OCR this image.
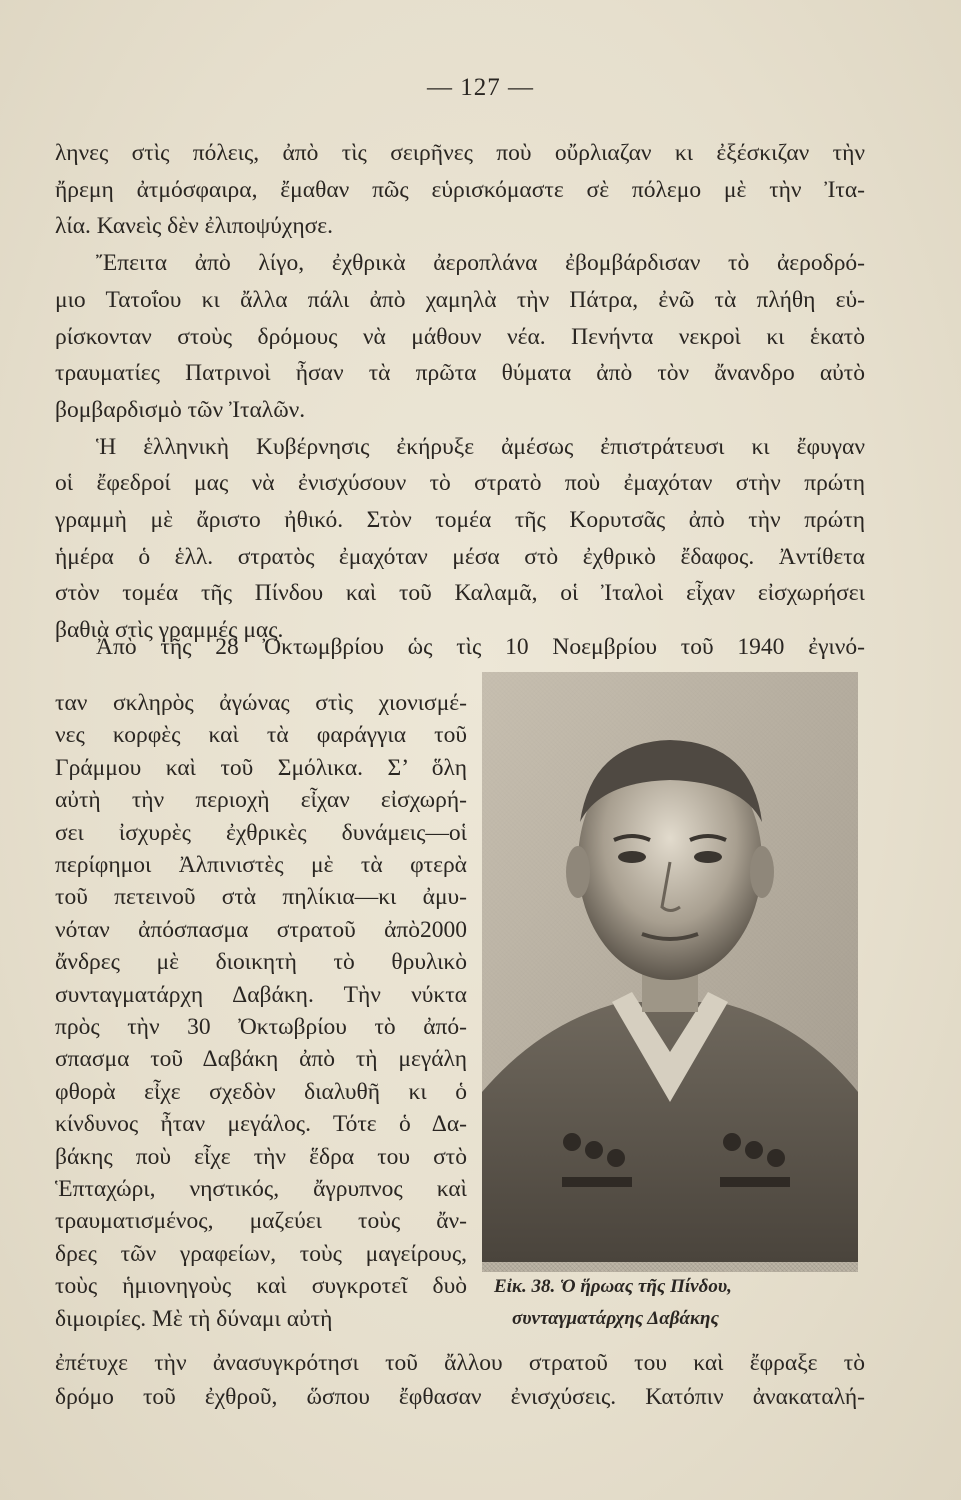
— 127 —
ληνες στὶς πόλεις, ἀπὸ τὶς σειρῆνες ποὺ οὔρλιαζαν κι ἐξέσκιζαν τὴν
ἤρεμη ἀτμόσφαιρα, ἔμαθαν πῶς εὑρισκόμαστε σὲ πόλεμο μὲ τὴν Ἰτα-
λία. Κανεὶς δὲν ἐλιποψύχησε.
Ἔπειτα ἀπὸ λίγο, ἐχθρικὰ ἀεροπλάνα ἐβομβάρδισαν τὸ ἀεροδρό-
μιο Τατοΐου κι ἄλλα πάλι ἀπὸ χαμηλὰ τὴν Πάτρα, ἐνῶ τὰ πλήθη εὑ-
ρίσκονταν στοὺς δρόμους νὰ μάθουν νέα. Πενήντα νεκροὶ κι ἑκατὸ
τραυματίες Πατρινοὶ ἦσαν τὰ πρῶτα θύματα ἀπὸ τὸν ἄνανδρο αὐτὸ
βομβαρδισμὸ τῶν Ἰταλῶν.
Ἡ ἑλληνικὴ Κυβέρνησις ἐκήρυξε ἀμέσως ἐπιστράτευσι κι ἔφυγαν
οἱ ἔφεδροί μας νὰ ἐνισχύσουν τὸ στρατὸ ποὺ ἐμαχόταν στὴν πρώτη
γραμμὴ μὲ ἄριστο ἠθικό. Στὸν τομέα τῆς Κορυτσᾶς ἀπὸ τὴν πρώτη
ἡμέρα ὁ ἑλλ. στρατὸς ἐμαχόταν μέσα στὸ ἐχθρικὸ ἔδαφος. Ἀντίθετα
στὸν τομέα τῆς Πίνδου καὶ τοῦ Καλαμᾶ, οἱ Ἰταλοὶ εἶχαν εἰσχωρήσει
βαθιὰ στὶς γραμμές μας.
Ἀπὸ τῆς 28 Ὀκτωμβρίου ὡς τὶς 10 Νοεμβρίου τοῦ 1940 ἐγινό-
ταν σκληρὸς ἀγώνας στὶς χιονισμέ-
νες κορφὲς καὶ τὰ φαράγγια τοῦ
Γράμμου καὶ τοῦ Σμόλικα. Σ’ ὅλη
αὐτὴ τὴν περιοχὴ εἶχαν εἰσχωρή-
σει ἰσχυρὲς ἐχθρικὲς δυνάμεις—οἱ
περίφημοι Ἀλπινιστὲς μὲ τὰ φτερὰ
τοῦ πετεινοῦ στὰ πηλίκια—κι ἀμυ-
νόταν ἀπόσπασμα στρατοῦ ἀπὸ2000
ἄνδρες μὲ διοικητὴ τὸ θρυλικὸ
συνταγματάρχη Δαβάκη. Τὴν νύκτα
πρὸς τὴν 30 Ὀκτωβρίου τὸ ἀπό-
σπασμα τοῦ Δαβάκη ἀπὸ τὴ μεγάλη
φθορὰ εἶχε σχεδὸν διαλυθῆ κι ὁ
κίνδυνος ἦταν μεγάλος. Τότε ὁ Δα-
βάκης ποὺ εἶχε τὴν ἕδρα του στὸ
Ἑπταχώρι, νηστικός, ἄγρυπνος καὶ
τραυματισμένος, μαζεύει τοὺς ἄν-
δρες τῶν γραφείων, τοὺς μαγείρους,
τοὺς ἡμιονηγοὺς καὶ συγκροτεῖ δυὸ
διμοιρίες. Μὲ τὴ δύναμι αὐτὴ
Εἰκ. 38. Ὁ ἥρωας τῆς Πίνδου,
συνταγματάρχης Δαβάκης
ἐπέτυχε τὴν ἀνασυγκρότησι τοῦ ἄλλου στρατοῦ του καὶ ἔφραξε τὸ
δρόμο τοῦ ἐχθροῦ, ὥσπου ἔφθασαν ἐνισχύσεις. Κατόπιν ἀνακαταλή-
